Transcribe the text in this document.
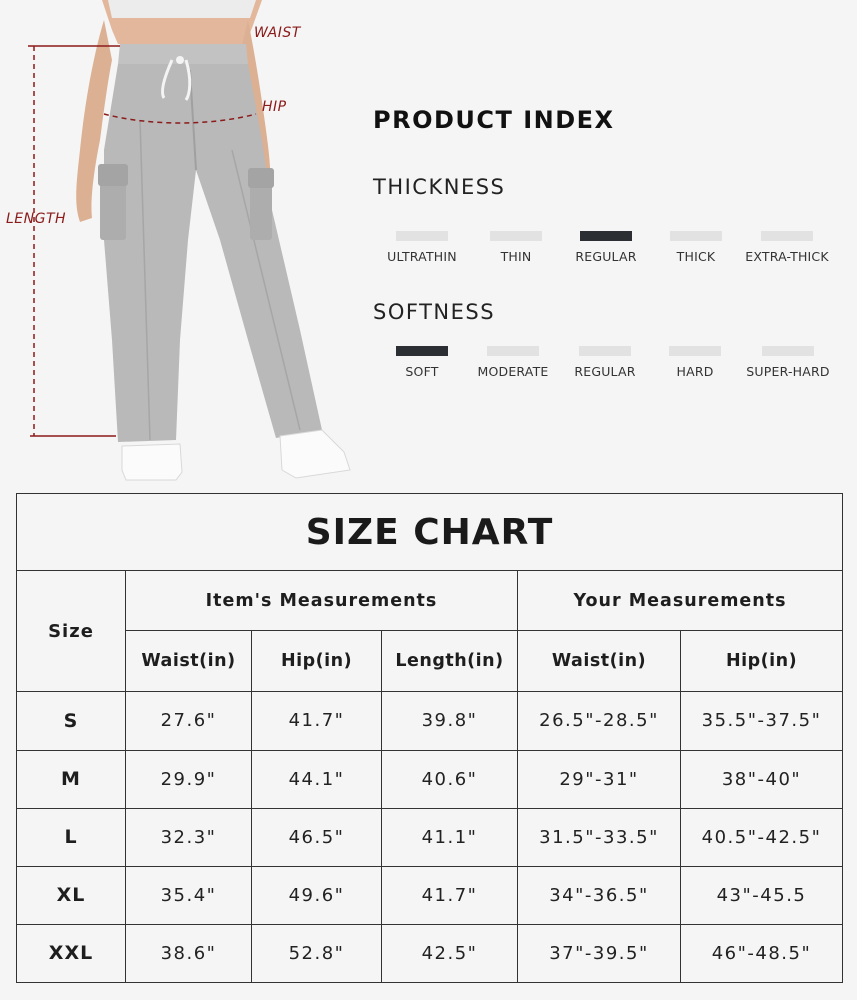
WAIST
HIP
LENGTH
PRODUCT INDEX
THICKNESS
ULTRATHIN	THIN	REGULAR	THICK	EXTRA-THICK
SOFTNESS
SOFT	MODERATE	REGULAR	HARD	SUPER-HARD
SIZE CHART					
Size	Item's Measurements			Your Measurements	
	Waist(in)	Hip(in)	Length(in)	Waist(in)	Hip(in)
S	27.6"	41.7"	39.8"	26.5"-28.5"	35.5"-37.5"
M	29.9"	44.1"	40.6"	29"-31"	38"-40"
L	32.3"	46.5"	41.1"	31.5"-33.5"	40.5"-42.5"
XL	35.4"	49.6"	41.7"	34"-36.5"	43"-45.5
XXL	38.6"	52.8"	42.5"	37"-39.5"	46"-48.5"
